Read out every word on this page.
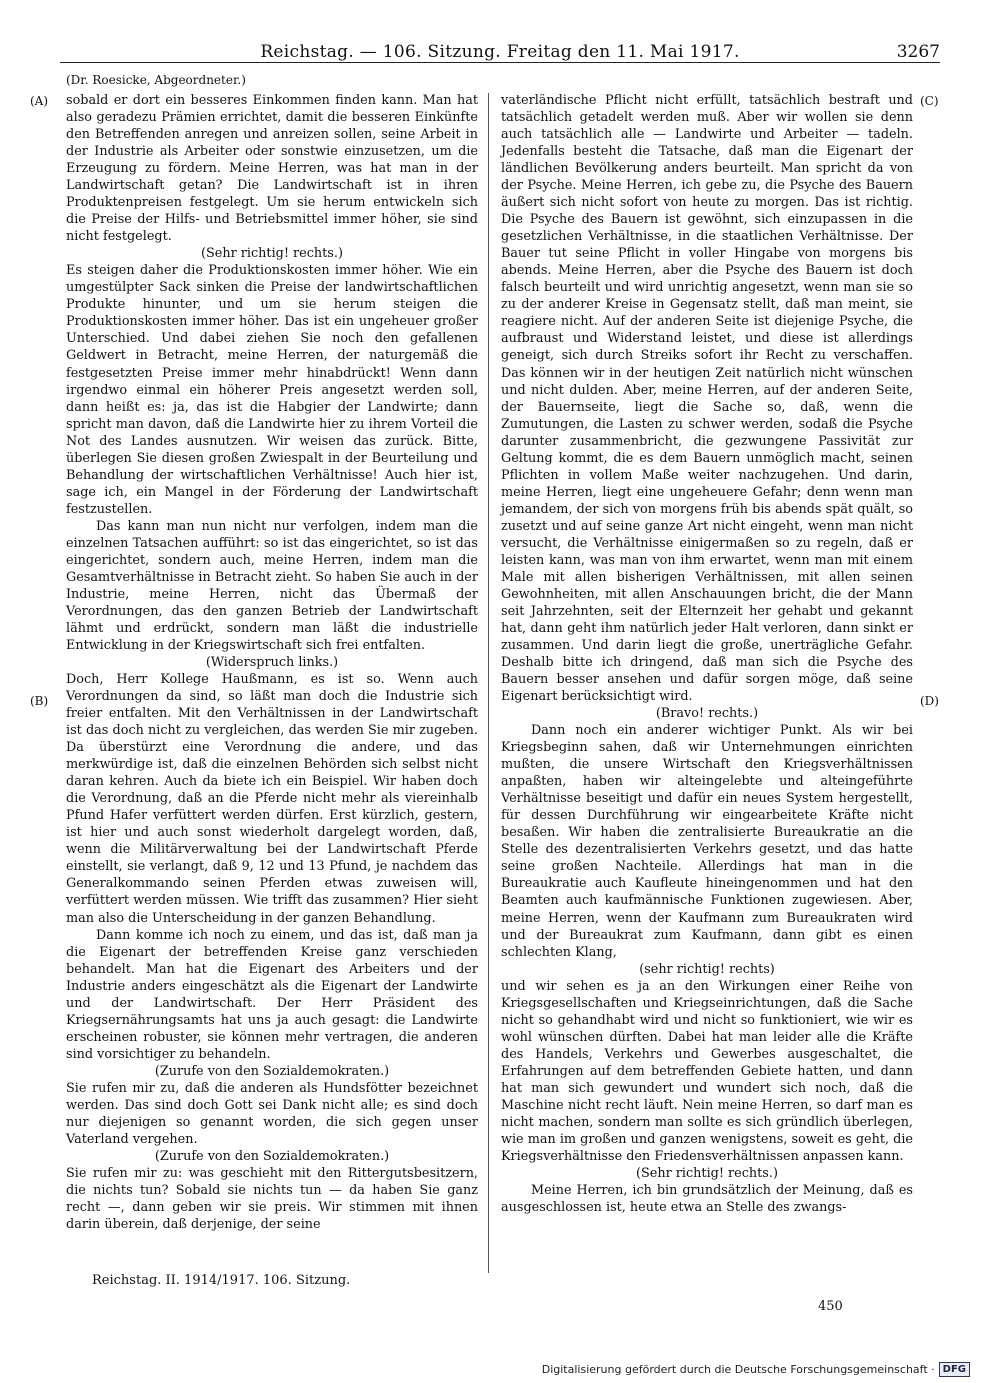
Reichstag. — 106. Sitzung. Freitag den 11. Mai 1917.	3267
(Dr. Roesicke, Abgeordneter.)
(A)
(B)
(C)
(D)

sobald er dort ein besseres Einkommen finden kann. Man hat also geradezu Prämien errichtet, damit die besseren Einkünfte den Betreffenden anregen und anreizen sollen, seine Arbeit in der Industrie als Arbeiter oder sonstwie einzusetzen, um die Erzeugung zu fördern. Meine Herren, was hat man in der Landwirtschaft getan? Die Landwirtschaft ist in ihren Produktenpreisen festgelegt. Um sie herum entwickeln sich die Preise der Hilfs- und Betriebsmittel immer höher, sie sind nicht festgelegt.

(Sehr richtig! rechts.)

Es steigen daher die Produktionskosten immer höher. Wie ein umgestülpter Sack sinken die Preise der landwirtschaftlichen Produkte hinunter, und um sie herum steigen die Produktionskosten immer höher. Das ist ein ungeheuer großer Unterschied. Und dabei ziehen Sie noch den gefallenen Geldwert in Betracht, meine Herren, der naturgemäß die festgesetzten Preise immer mehr hinabdrückt! Wenn dann irgendwo einmal ein höherer Preis angesetzt werden soll, dann heißt es: ja, das ist die Habgier der Landwirte; dann spricht man davon, daß die Landwirte hier zu ihrem Vorteil die Not des Landes ausnutzen. Wir weisen das zurück. Bitte, überlegen Sie diesen großen Zwiespalt in der Beurteilung und Behandlung der wirtschaftlichen Verhältnisse! Auch hier ist, sage ich, ein Mangel in der Förderung der Landwirtschaft festzustellen.

Das kann man nun nicht nur verfolgen, indem man die einzelnen Tatsachen aufführt: so ist das eingerichtet, so ist das eingerichtet, sondern auch, meine Herren, indem man die Gesamtverhältnisse in Betracht zieht. So haben Sie auch in der Industrie, meine Herren, nicht das Übermaß der Verordnungen, das den ganzen Betrieb der Landwirtschaft lähmt und erdrückt, sondern man läßt die industrielle Entwicklung in der Kriegswirtschaft sich frei entfalten.

(Widerspruch links.)

Doch, Herr Kollege Haußmann, es ist so. Wenn auch Verordnungen da sind, so läßt man doch die Industrie sich freier entfalten. Mit den Verhältnissen in der Landwirtschaft ist das doch nicht zu vergleichen, das werden Sie mir zugeben. Da überstürzt eine Verordnung die andere, und das merkwürdige ist, daß die einzelnen Behörden sich selbst nicht daran kehren. Auch da biete ich ein Beispiel. Wir haben doch die Verordnung, daß an die Pferde nicht mehr als viereinhalb Pfund Hafer verfüttert werden dürfen. Erst kürzlich, gestern, ist hier und auch sonst wiederholt dargelegt worden, daß, wenn die Militärverwaltung bei der Landwirtschaft Pferde einstellt, sie verlangt, daß 9, 12 und 13 Pfund, je nachdem das Generalkommando seinen Pferden etwas zuweisen will, verfüttert werden müssen. Wie trifft das zusammen? Hier sieht man also die Unterscheidung in der ganzen Behandlung.

Dann komme ich noch zu einem, und das ist, daß man ja die Eigenart der betreffenden Kreise ganz verschieden behandelt. Man hat die Eigenart des Arbeiters und der Industrie anders eingeschätzt als die Eigenart der Landwirte und der Landwirtschaft. Der Herr Präsident des Kriegsernährungsamts hat uns ja auch gesagt: die Landwirte erscheinen robuster, sie können mehr vertragen, die anderen sind vorsichtiger zu behandeln.

(Zurufe von den Sozialdemokraten.)

Sie rufen mir zu, daß die anderen als Hundsfötter bezeichnet werden. Das sind doch Gott sei Dank nicht alle; es sind doch nur diejenigen so genannt worden, die sich gegen unser Vaterland vergehen.

(Zurufe von den Sozialdemokraten.)

Sie rufen mir zu: was geschieht mit den Rittergutsbesitzern, die nichts tun? Sobald sie nichts tun — da haben Sie ganz recht —, dann geben wir sie preis. Wir stimmen mit ihnen darin überein, daß derjenige, der seine

vaterländische Pflicht nicht erfüllt, tatsächlich bestraft und tatsächlich getadelt werden muß. Aber wir wollen sie denn auch tatsächlich alle — Landwirte und Arbeiter — tadeln. Jedenfalls besteht die Tatsache, daß man die Eigenart der ländlichen Bevölkerung anders beurteilt. Man spricht da von der Psyche. Meine Herren, ich gebe zu, die Psyche des Bauern äußert sich nicht sofort von heute zu morgen. Das ist richtig. Die Psyche des Bauern ist gewöhnt, sich einzupassen in die gesetzlichen Verhältnisse, in die staatlichen Verhältnisse. Der Bauer tut seine Pflicht in voller Hingabe von morgens bis abends. Meine Herren, aber die Psyche des Bauern ist doch falsch beurteilt und wird unrichtig angesetzt, wenn man sie so zu der anderer Kreise in Gegensatz stellt, daß man meint, sie reagiere nicht. Auf der anderen Seite ist diejenige Psyche, die aufbraust und Widerstand leistet, und diese ist allerdings geneigt, sich durch Streiks sofort ihr Recht zu verschaffen. Das können wir in der heutigen Zeit natürlich nicht wünschen und nicht dulden. Aber, meine Herren, auf der anderen Seite, der Bauernseite, liegt die Sache so, daß, wenn die Zumutungen, die Lasten zu schwer werden, sodaß die Psyche darunter zusammenbricht, die gezwungene Passivität zur Geltung kommt, die es dem Bauern unmöglich macht, seinen Pflichten in vollem Maße weiter nachzugehen. Und darin, meine Herren, liegt eine ungeheuere Gefahr; denn wenn man jemandem, der sich von morgens früh bis abends spät quält, so zusetzt und auf seine ganze Art nicht eingeht, wenn man nicht versucht, die Verhältnisse einigermaßen so zu regeln, daß er leisten kann, was man von ihm erwartet, wenn man mit einem Male mit allen bisherigen Verhältnissen, mit allen seinen Gewohnheiten, mit allen Anschauungen bricht, die der Mann seit Jahrzehnten, seit der Elternzeit her gehabt und gekannt hat, dann geht ihm natürlich jeder Halt verloren, dann sinkt er zusammen. Und darin liegt die große, unerträgliche Gefahr. Deshalb bitte ich dringend, daß man sich die Psyche des Bauern besser ansehen und dafür sorgen möge, daß seine Eigenart berücksichtigt wird.

(Bravo! rechts.)

Dann noch ein anderer wichtiger Punkt. Als wir bei Kriegsbeginn sahen, daß wir Unternehmungen einrichten mußten, die unsere Wirtschaft den Kriegsverhältnissen anpaßten, haben wir alteingelebte und alteingeführte Verhältnisse beseitigt und dafür ein neues System hergestellt, für dessen Durchführung wir eingearbeitete Kräfte nicht besaßen. Wir haben die zentralisierte Bureaukratie an die Stelle des dezentralisierten Verkehrs gesetzt, und das hatte seine großen Nachteile. Allerdings hat man in die Bureaukratie auch Kaufleute hineingenommen und hat den Beamten auch kaufmännische Funktionen zugewiesen. Aber, meine Herren, wenn der Kaufmann zum Bureaukraten wird und der Bureaukrat zum Kaufmann, dann gibt es einen schlechten Klang,

(sehr richtig! rechts)

und wir sehen es ja an den Wirkungen einer Reihe von Kriegsgesellschaften und Kriegseinrichtungen, daß die Sache nicht so gehandhabt wird und nicht so funktioniert, wie wir es wohl wünschen dürften. Dabei hat man leider alle die Kräfte des Handels, Verkehrs und Gewerbes ausgeschaltet, die Erfahrungen auf dem betreffenden Gebiete hatten, und dann hat man sich gewundert und wundert sich noch, daß die Maschine nicht recht läuft. Nein meine Herren, so darf man es nicht machen, sondern man sollte es sich gründlich überlegen, wie man im großen und ganzen wenigstens, soweit es geht, die Kriegsverhältnisse den Friedensverhältnissen anpassen kann.

(Sehr richtig! rechts.)

Meine Herren, ich bin grundsätzlich der Meinung, daß es ausgeschlossen ist, heute etwa an Stelle des zwangs-

Reichstag. II. 1914/1917. 106. Sitzung.
450
Digitalisierung gefördert durch die Deutsche Forschungsgemeinschaft · DFG
